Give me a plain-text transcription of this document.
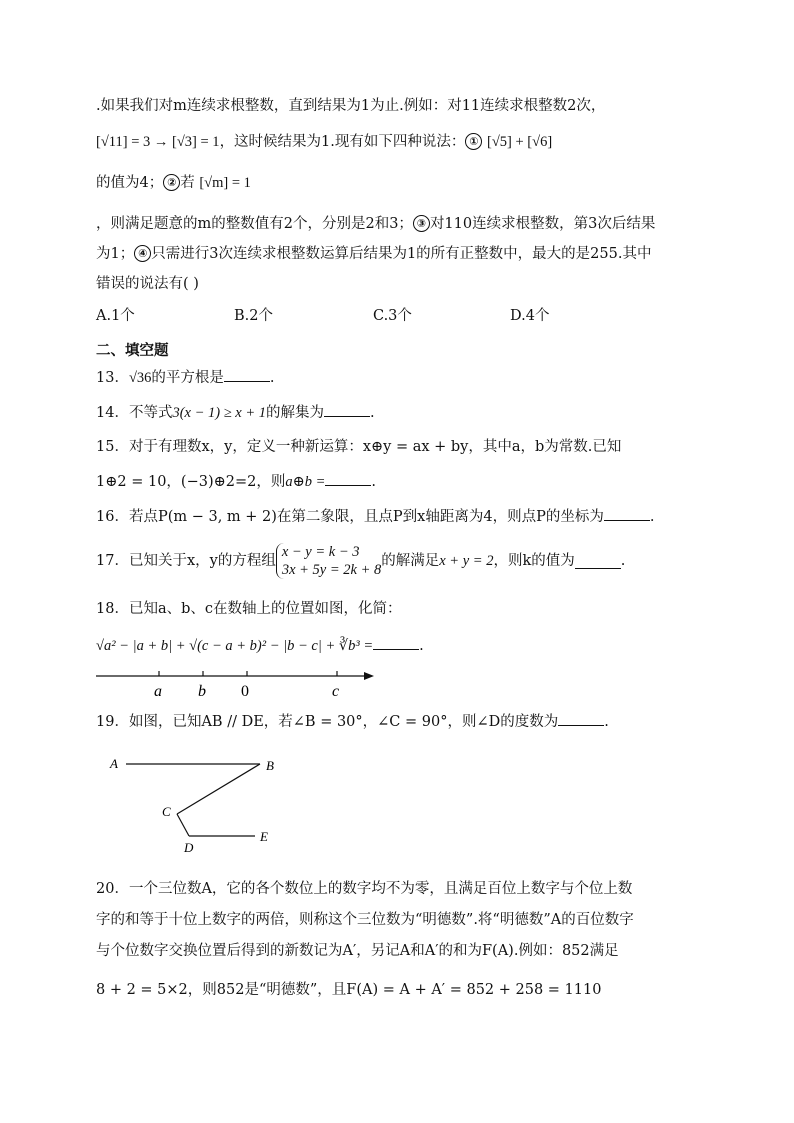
.如果我们对m连续求根整数，直到结果为1为止.例如：对11连续求根整数2次，
[√11] = 3 → [√3] = 1，这时候结果为1.现有如下四种说法： ① [√5] + [√6]
的值为4； ② 若 [√m] = 1
，则满足题意的m的整数值有2个，分别是2和3； ③ 对110连续求根整数，第3次后结果
为1； ④ 只需进行3次连续求根整数运算后结果为1的所有正整数中，最大的是255.其中
错误的说法有( )
A.1个	B.2个	C.3个	D.4个
二、填空题
13．√36的平方根是	.
14．不等式3(x − 1) ≥ x + 1的解集为	.
15．对于有理数x，y，定义一种新运算：x⊕y = ax + by，其中a，b为常数.已知
1⊕2 = 10，(−3)⊕2=2，则a⊕b =	.
16．若点P(m − 3, m + 2)在第二象限，且点P到x轴距离为4，则点P的坐标为	.
17．已知关于x，y的方程组x − y = k − 3
3x + 5y = 2k + 8的解满足x + y = 2，则k的值为	.
18．已知a、b、c在数轴上的位置如图，化简：
√a² − |a + b| + √(c − a + b)² − |b − c| + ∛b³ =	.
a b 0	c
19．如图，已知AB // DE，若∠B = 30°，∠C = 90°，则∠D的度数为	.
A	B
C
D
E
20．一个三位数A，它的各个数位上的数字均不为零，且满足百位上数字与个位上数
字的和等于十位上数字的两倍，则称这个三位数为“明德数”.将“明德数”A的百位数字
与个位数字交换位置后得到的新数记为A′，另记A和A′的和为F(A).例如：852满足
8 + 2 = 5×2，则852是“明德数”，且F(A) = A + A′ = 852 + 258 = 1110
